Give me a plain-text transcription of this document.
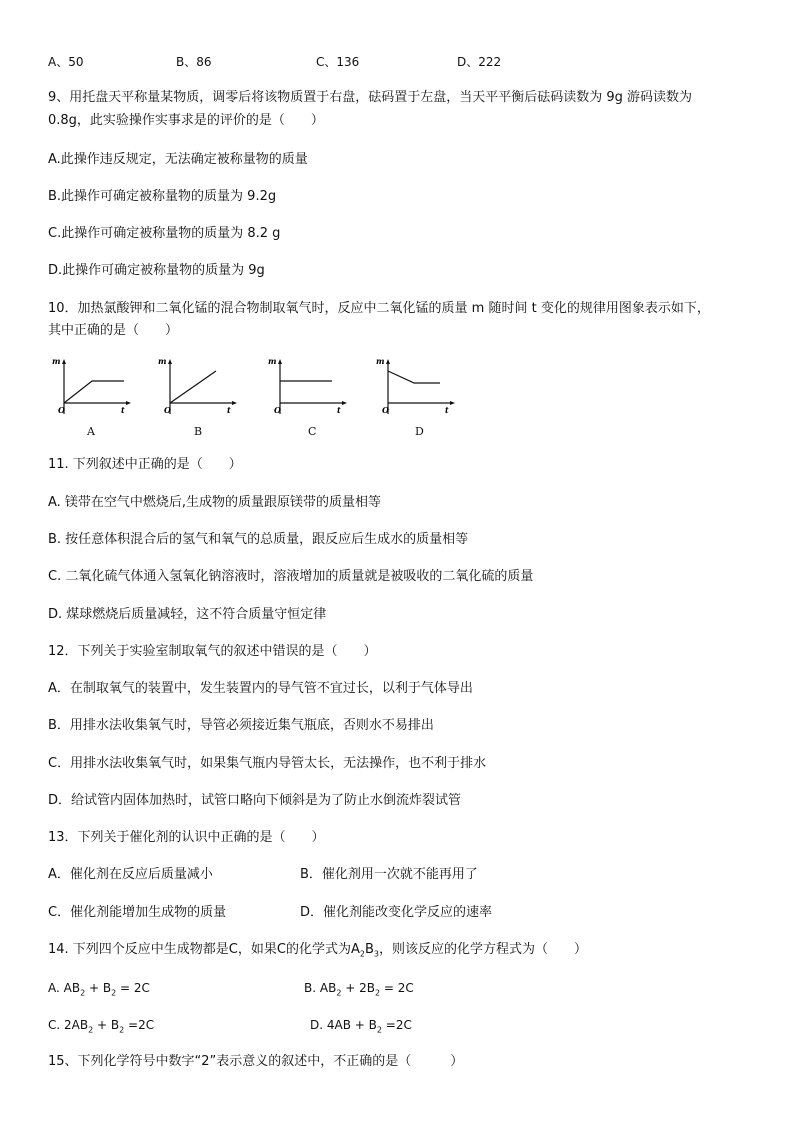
A、50	B、86	C、136	D、222
9、用托盘天平称量某物质，调零后将该物质置于右盘，砝码置于左盘，当天平平衡后砝码读数为 9g 游码读数为
0.8g，此实验操作实事求是的评价的是（　　）
A.此操作违反规定，无法确定被称量物的质量
B.此操作可确定被称量物的质量为 9.2g
C.此操作可确定被称量物的质量为 8.2 g
D.此操作可确定被称量物的质量为 9g
10．加热氯酸钾和二氧化锰的混合物制取氧气时，反应中二氧化锰的质量 m 随时间 t 变化的规律用图象表示如下，
其中正确的是（　　）
m
O	t
A
m
O	t
B
m
O	t
C
m
O	t
D
11. 下列叙述中正确的是（　　）
A. 镁带在空气中燃烧后,生成物的质量跟原镁带的质量相等
B. 按任意体积混合后的氢气和氧气的总质量，跟反应后生成水的质量相等
C. 二氧化硫气体通入氢氧化钠溶液时，溶液增加的质量就是被吸收的二氧化硫的质量
D. 煤球燃烧后质量减轻，这不符合质量守恒定律
12．下列关于实验室制取氧气的叙述中错误的是（　　）
A．在制取氧气的装置中，发生装置内的导气管不宜过长，以利于气体导出
B．用排水法收集氧气时，导管必须接近集气瓶底，否则水不易排出
C．用排水法收集氧气时，如果集气瓶内导管太长，无法操作，也不利于排水
D．给试管内固体加热时，试管口略向下倾斜是为了防止水倒流炸裂试管
13．下列关于催化剂的认识中正确的是（　　）
A．催化剂在反应后质量减小	B．催化剂用一次就不能再用了
C．催化剂能增加生成物的质量	D．催化剂能改变化学反应的速率
14. 下列四个反应中生成物都是C，如果C的化学式为$A_2B_3$，则该反应的化学方程式为（　　）
A. $AB_2 + B_2 = 2C$	B. $AB_2 + 2B_2 = 2C$
C. $2AB_2 + B_2 =2C$	D. $4AB + B_2 =2C$
15、下列化学符号中数字“2”表示意义的叙述中，不正确的是（　　　）
